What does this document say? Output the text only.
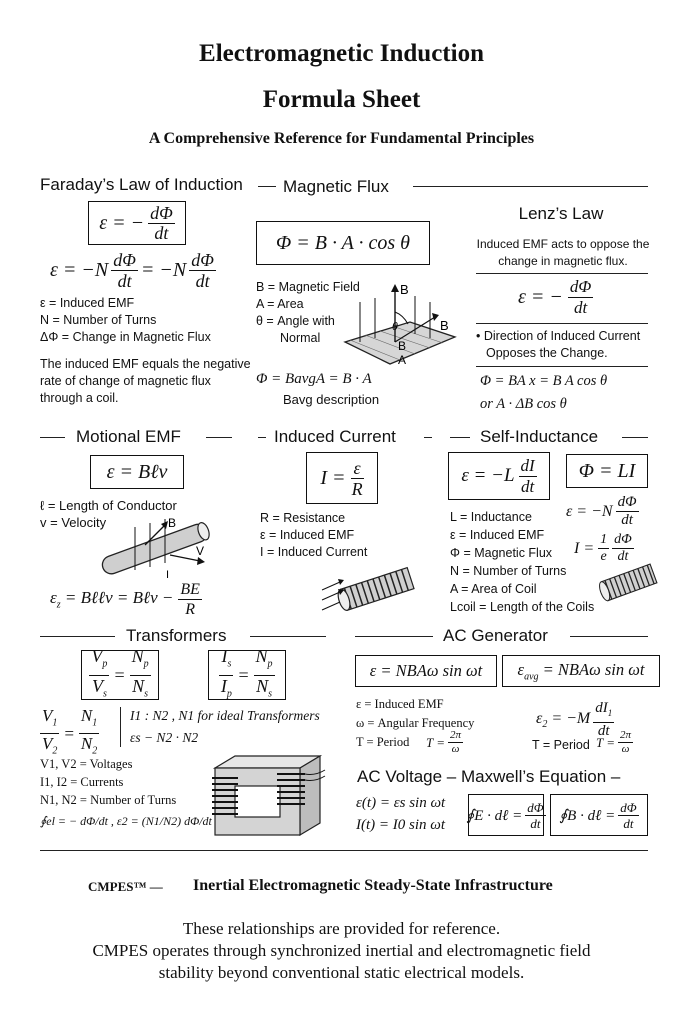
Electromagnetic Induction
Formula Sheet
A Comprehensive Reference for Fundamental Principles
Faraday’s Law of Induction
ε = − $\frac{d\Phi}{dt}$
$\varepsilon = -N \frac{d\Phi}{dt} = -N$ dΦ
dt
ε = Induced EMF
N = Number of Turns
ΔΦ = Change in Magnetic Flux
The induced EMF equals the negative
rate of change of magnetic flux
through a coil.
Magnetic Flux
Φ = B · A · cos θ
B = Magnetic Field
A = Area
θ = Angle with
Normal
B
B
B
θ
A
Φ = BavgA = B · A
Bavg description
Lenz’s Law
Induced EMF acts to oppose the
change in magnetic flux.
ε = − $\frac{d\Phi}{dt}$
• Direction of Induced Current
Opposes the Change.
Φ = BA x = B A cos θ
or A · ΔB cos θ
Motional EMF
ε = Bℓv
ℓ = Length of Conductor
v = Velocity	B
I
V
$\varepsilon_z$ = Bℓℓv = Bℓv − $\frac{BE}{R}$
Induced Current
$I = \frac{\varepsilon}{R}$
R = Resistance
ε = Induced EMF
I = Induced Current
Self-Inductance
ε = −L dI
dt
Φ = LI
ε = −N
dΦ
dt
$I = \frac{1}{e}$ dΦ
dt
L = Inductance
ε = Induced EMF
Φ = Magnetic Flux
N = Number of Turns
A = Area of Coil
Lcoil = Length of the Coils
Transformers
$\frac{V_p}{V_s} = \frac{N_p}{N_s}$	$\frac{I_s}{I_p} = \frac{N_p}{N_s}$
$\frac{V_1}{V_2} = \frac{N_1}{N_2} I1$ : N2 , N1 for ideal Transformers
εs − N2 · N2
V1, V2 = Voltages
I1, I2 = Currents
N1, N2 = Number of Turns
∮el = − dΦ/dt , ε2 = (N1/N2) dΦ/dt
AC Generator
ε = NBAω sin ωt	$\varepsilon_{avg} = NBA\omega$ sin ωt
ε = Induced EMF
ω = Angular Frequency
T = Period	$T = \frac{2\pi}{\omega}$
$\varepsilon_2 = -M$
$dI_1$
dt
T = Period $T = \frac{2\pi}{\omega}$
AC Voltage – Maxwell’s Equation –
ε(t) = εs sin ωt
I(t) = I0 sin ωt
∮E · dℓ = $\frac{d\Phi}{dt}$ ∮B · dℓ = $\frac{d\Phi}{dt}$
CMPES™ — Inertial Electromagnetic Steady-State Infrastructure
These relationships are provided for reference.
CMPES operates through synchronized inertial and electromagnetic field
stability beyond conventional static electrical models.
